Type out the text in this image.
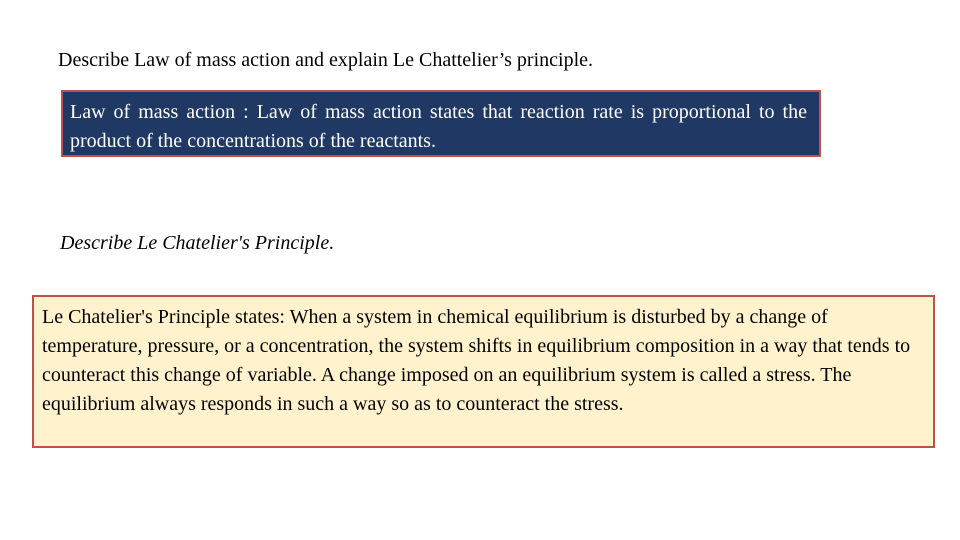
Describe Law of mass action and explain Le Chattelier’s principle.
Law of mass action : Law of mass action states that reaction rate is proportional to the product of the concentrations of the reactants.
Describe Le Chatelier's Principle.
Le Chatelier's Principle states: When a system in chemical equilibrium is disturbed by a change of temperature, pressure, or a concentration, the system shifts in equilibrium composition in a way that tends to counteract this change of variable. A change imposed on an equilibrium system is called a stress. The equilibrium always responds in such a way so as to counteract the stress.
